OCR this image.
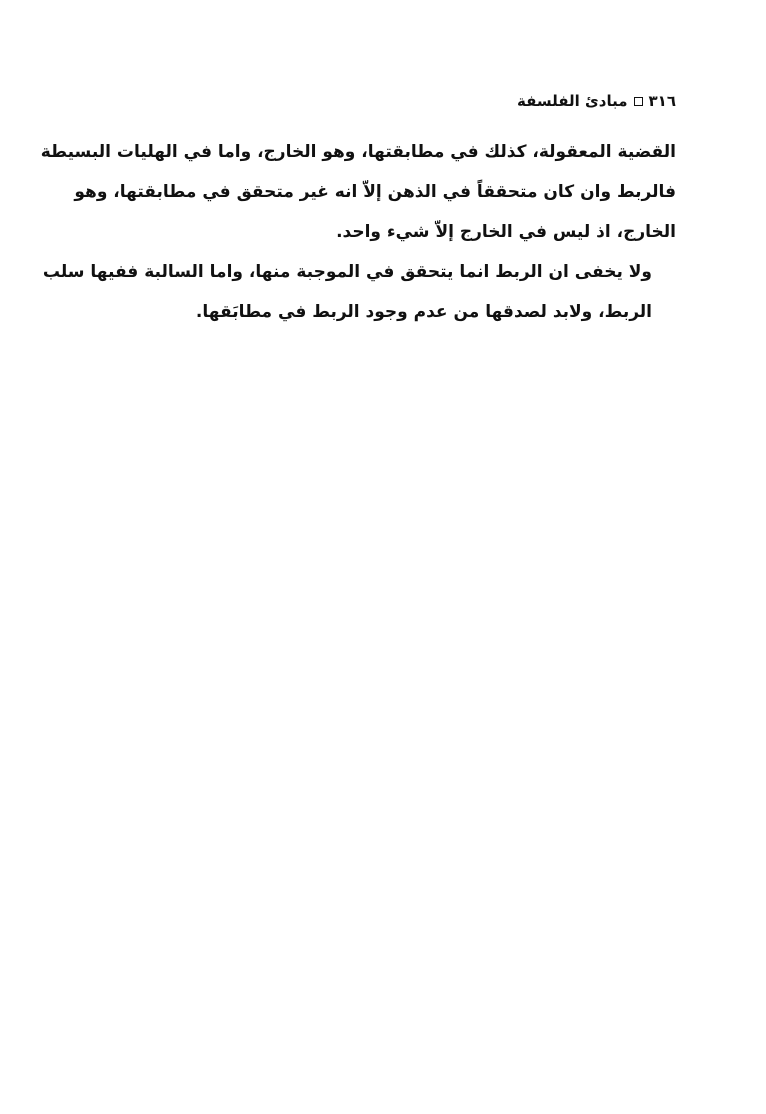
٣١٦
مبادئ الفلسفة

القضية المعقولة، كذلك في مطابقتها، وهو الخارج، واما في الهليات البسيطة
فالربط وان كان متحققاً في الذهن إلاّ انه غير متحقق في مطابقتها، وهو
الخارج، اذ ليس في الخارج إلاّ شيء واحد.

ولا يخفى ان الربط انما يتحقق في الموجبة منها، واما السالبة ففيها سلب
الربط، ولابد لصدقها من عدم وجود الربط في مطابَقها.
